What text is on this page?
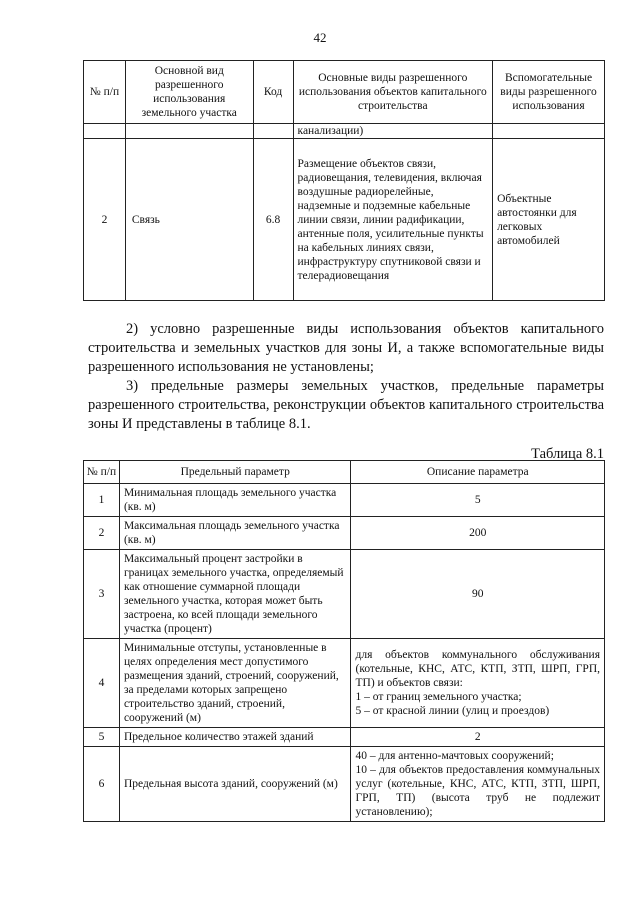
42
№ п/п	Основной вид разрешенного использования земельного участка	Код	Основные виды разрешенного использования объектов капитального строительства	Вспомогательные виды разрешенного использования
			канализации)	
2	Связь	6.8	Размещение объектов связи, радиовещания, телевидения, включая воздушные радиорелейные, надземные и подземные кабельные линии связи, линии радификации, антенные поля, усилительные пункты на кабельных линиях связи, инфраструктуру спутниковой связи и телерадиовещания	Объектные автостоянки для легковых автомобилей
2) условно разрешенные виды использования объектов капитального строительства и земельных участков для зоны И, а также вспомогательные виды разрешенного использования не установлены;
3) предельные размеры земельных участков, предельные параметры разрешенного строительства, реконструкции объектов капитального строительства зоны И представлены в таблице 8.1.
Таблица 8.1
№ п/п	Предельный параметр	Описание параметра
1	Минимальная площадь земельного участка (кв. м)	5
2	Максимальная площадь земельного участка (кв. м)	200
3	Максимальный процент застройки в границах земельного участка, определяемый как отношение суммарной площади земельного участка, которая может быть застроена, ко всей площади земельного участка (процент)	90
4	Минимальные отступы, установленные в целях определения мест допустимого размещения зданий, строений, сооружений, за пределами которых запрещено строительство зданий, строений, сооружений (м)	для объектов коммунального обслуживания (котельные, КНС, АТС, КТП, ЗТП, ШРП, ГРП, ТП) и объектов связи:
1 – от границ земельного участка;
5 – от красной линии (улиц и проездов)

5	Предельное количество этажей зданий	2
6	Предельная высота зданий, сооружений (м)	40 – для антенно-мачтовых сооружений;
10 – для объектов предоставления коммунальных услуг (котельные, КНС, АТС, КТП, ЗТП, ШРП, ГРП, ТП) (высота труб не подлежит установлению);
